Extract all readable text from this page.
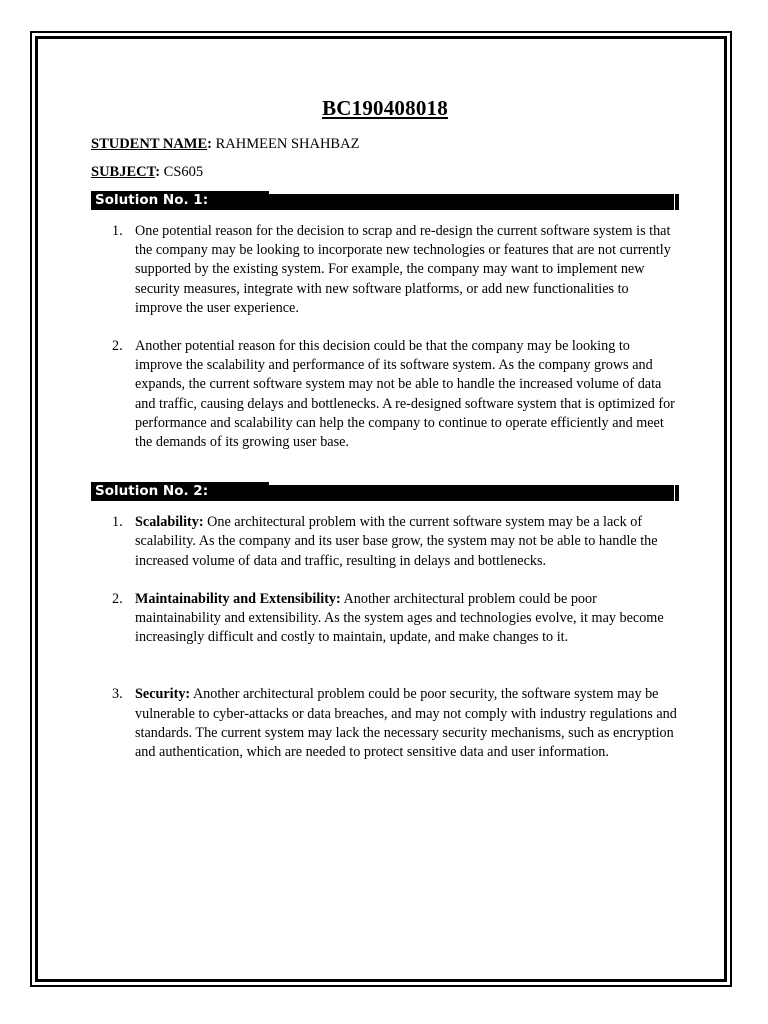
BC190408018

STUDENT NAME: RAHMEEN SHAHBAZ

SUBJECT: CS605

Solution No. 1:
1. One potential reason for the decision to scrap and re-design the current software system is that the company may be looking to incorporate new technologies or features that are not currently supported by the existing system. For example, the company may want to implement new security measures, integrate with new software platforms, or add new functionalities to improve the user experience.
2. Another potential reason for this decision could be that the company may be looking to improve the scalability and performance of its software system. As the company grows and expands, the current software system may not be able to handle the increased volume of data and traffic, causing delays and bottlenecks. A re-designed software system that is optimized for performance and scalability can help the company to continue to operate efficiently and meet the demands of its growing user base.
Solution No. 2:
1. Scalability: One architectural problem with the current software system may be a lack of scalability. As the company and its user base grow, the system may not be able to handle the increased volume of data and traffic, resulting in delays and bottlenecks.
2. Maintainability and Extensibility: Another architectural problem could be poor maintainability and extensibility. As the system ages and technologies evolve, it may become increasingly difficult and costly to maintain, update, and make changes to it.
3. Security: Another architectural problem could be poor security, the software system may be vulnerable to cyber-attacks or data breaches, and may not comply with industry regulations and standards. The current system may lack the necessary security mechanisms, such as encryption and authentication, which are needed to protect sensitive data and user information.
